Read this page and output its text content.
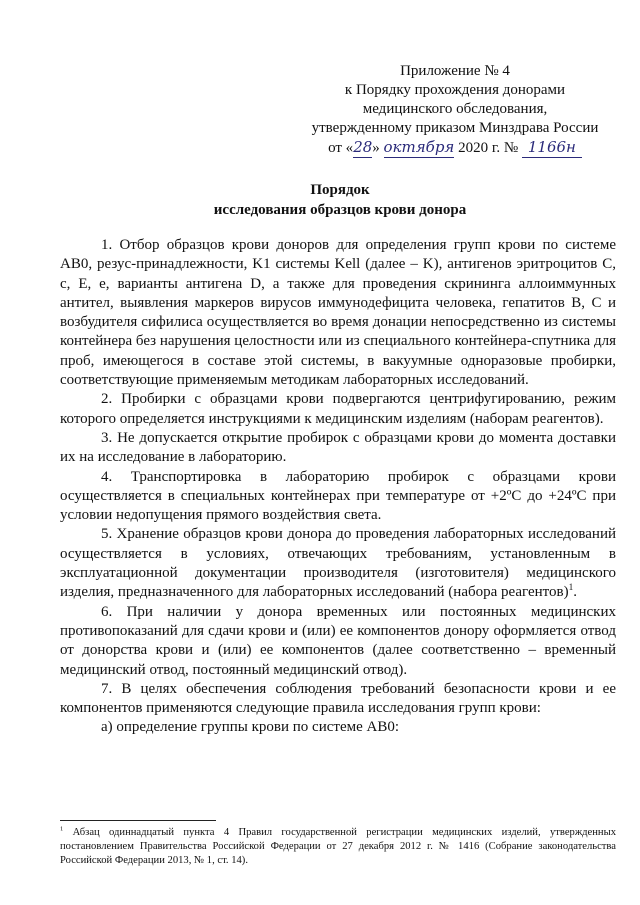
Приложение № 4
к Порядку прохождения донорами
медицинского обследования,
утвержденному приказом Минздрава России
от «28» октября 2020 г. № 1166н
Порядок
исследования образцов крови донора

1. Отбор образцов крови доноров для определения групп крови по системе AB0, резус-принадлежности, K1 системы Kell (далее – K), антигенов эритроцитов C, c, E, e, варианты антигена D, а также для проведения скрининга аллоиммунных антител, выявления маркеров вирусов иммунодефицита человека, гепатитов B, C и возбудителя сифилиса осуществляется во время донации непосредственно из системы контейнера без нарушения целостности или из специального контейнера-спутника для проб, имеющегося в составе этой системы, в вакуумные одноразовые пробирки, соответствующие применяемым методикам лабораторных исследований.

2. Пробирки с образцами крови подвергаются центрифугированию, режим которого определяется инструкциями к медицинским изделиям (наборам реагентов).

3. Не допускается открытие пробирок с образцами крови до момента доставки их на исследование в лабораторию.

4. Транспортировка в лабораторию пробирок с образцами крови осуществляется в специальных контейнерах при температуре от +2ºС до +24ºС при условии недопущения прямого воздействия света.

5. Хранение образцов крови донора до проведения лабораторных исследований осуществляется в условиях, отвечающих требованиям, установленным в эксплуатационной документации производителя (изготовителя) медицинского изделия, предназначенного для лабораторных исследований (набора реагентов)$^1$.

6. При наличии у донора временных или постоянных медицинских противопоказаний для сдачи крови и (или) ее компонентов донору оформляется отвод от донорства крови и (или) ее компонентов (далее соответственно – временный медицинский отвод, постоянный медицинский отвод).

7. В целях обеспечения соблюдения требований безопасности крови и ее компонентов применяются следующие правила исследования групп крови:

а) определение группы крови по системе AB0:

$^1$ Абзац одиннадцатый пункта 4 Правил государственной регистрации медицинских изделий, утвержденных постановлением Правительства Российской Федерации от 27 декабря 2012 г. № 1416 (Собрание законодательства Российской Федерации 2013, № 1, ст. 14).
